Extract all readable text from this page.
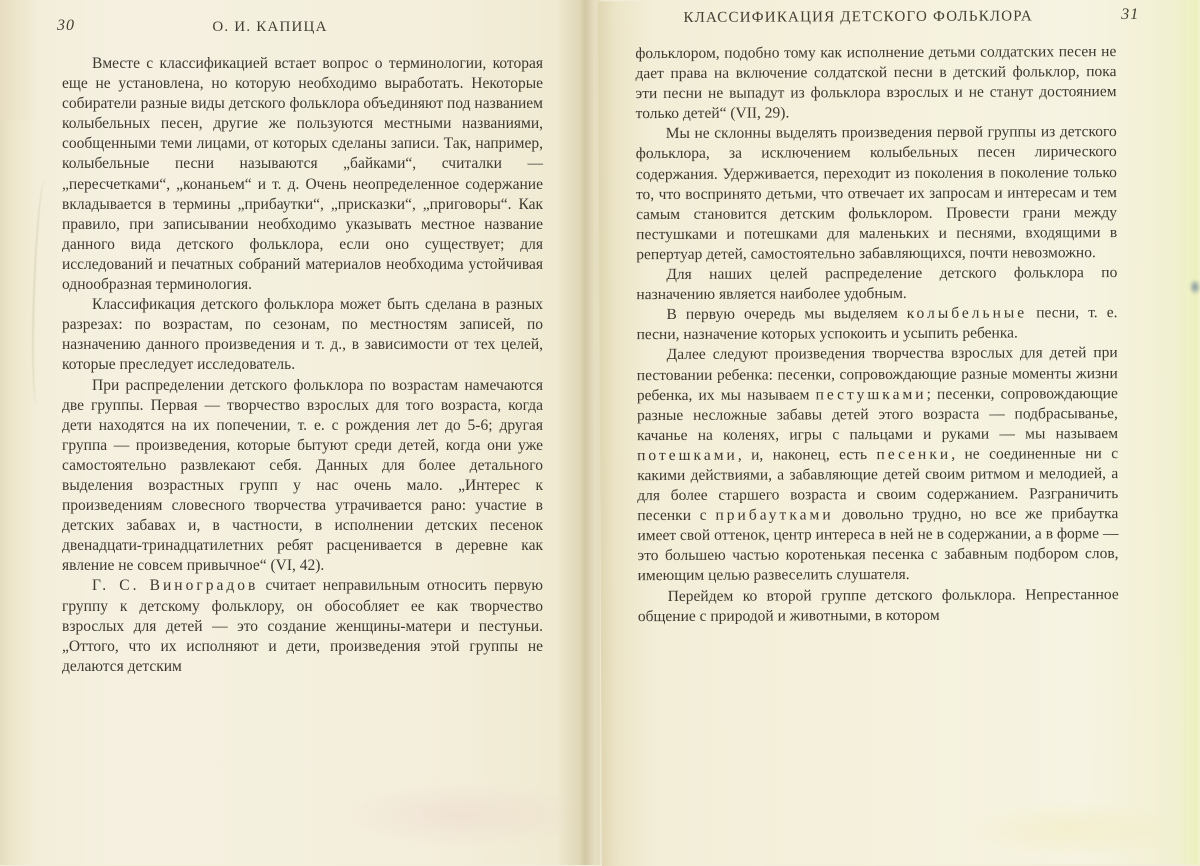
30	О. И. КАПИЦА

Вместе с классификацией встает вопрос о терминологии, которая еще не установлена, но которую необходимо выработать. Некоторые собиратели разные виды детского фольклора объединяют под названием колыбельных песен, другие же пользуются местными названиями, сообщенными теми лицами, от которых сделаны записи. Так, например, колыбельные песни называются „байками“, считалки — „пересчетками“, „конаньем“ и т. д. Очень неопределенное содержание вкладывается в термины „прибаутки“, „присказки“, „приговоры“. Как правило, при записывании необходимо указывать местное название данного вида детского фольклора, если оно существует; для исследований и печатных собраний материалов необходима устойчивая однообразная терминология.

Классификация детского фольклора может быть сделана в разных разрезах: по возрастам, по сезонам, по местностям записей, по назначению данного произведения и т. д., в зависимости от тех целей, которые преследует исследователь.

При распределении детского фольклора по возрастам намечаются две группы. Первая — творчество взрослых для того возраста, когда дети находятся на их попечении, т. е. с рождения лет до 5-6; другая группа — произведения, которые бытуют среди детей, когда они уже самостоятельно развлекают себя. Данных для более детального выделения возрастных групп у нас очень мало. „Интерес к произведениям словесного творчества утрачивается рано: участие в детских забавах и, в частности, в исполнении детских песенок двенадцати-тринадцатилетних ребят расценивается в деревне как явление не совсем привычное“ (VI, 42).

Г. С. Виноградов считает неправильным относить первую группу к детскому фольклору, он обособляет ее как творчество взрослых для детей — это создание женщины-матери и пестуньи. „Оттого, что их исполняют и дети, произведения этой группы не делаются детским

31
КЛАССИФИКАЦИЯ ДЕТСКОГО ФОЛЬКЛОРА

фольклором, подобно тому как исполнение детьми солдатских песен не дает права на включение солдатской песни в детский фольклор, пока эти песни не выпадут из фольклора взрослых и не станут достоянием только детей“ (VII, 29).

Мы не склонны выделять произведения первой группы из детского фольклора, за исключением колыбельных песен лирического содержания. Удерживается, переходит из поколения в поколение только то, что воспринято детьми, что отвечает их запросам и интересам и тем самым становится детским фольклором. Провести грани между пестушками и потешками для маленьких и песнями, входящими в репертуар детей, самостоятельно забавляющихся, почти невозможно.

Для наших целей распределение детского фольклора по назначению является наиболее удобным.

В первую очередь мы выделяем колыбельные песни, т. е. песни, назначение которых успокоить и усыпить ребенка.

Далее следуют произведения творчества взрослых для детей при пестовании ребенка: песенки, сопровождающие разные моменты жизни ребенка, их мы называем пестушками; песенки, сопровождающие разные несложные забавы детей этого возраста — подбрасыванье, качанье на коленях, игры с пальцами и руками — мы называем потешками, и, наконец, есть песенки, не соединенные ни с какими действиями, а забавляющие детей своим ритмом и мелодией, а для более старшего возраста и своим содержанием. Разграничить песенки с прибаутками довольно трудно, но все же прибаутка имеет свой оттенок, центр интереса в ней не в содержании, а в форме — это большею частью коротенькая песенка с забавным подбором слов, имеющим целью развеселить слушателя.

Перейдем ко второй группе детского фольклора. Непрестанное общение с природой и животными, в котором
